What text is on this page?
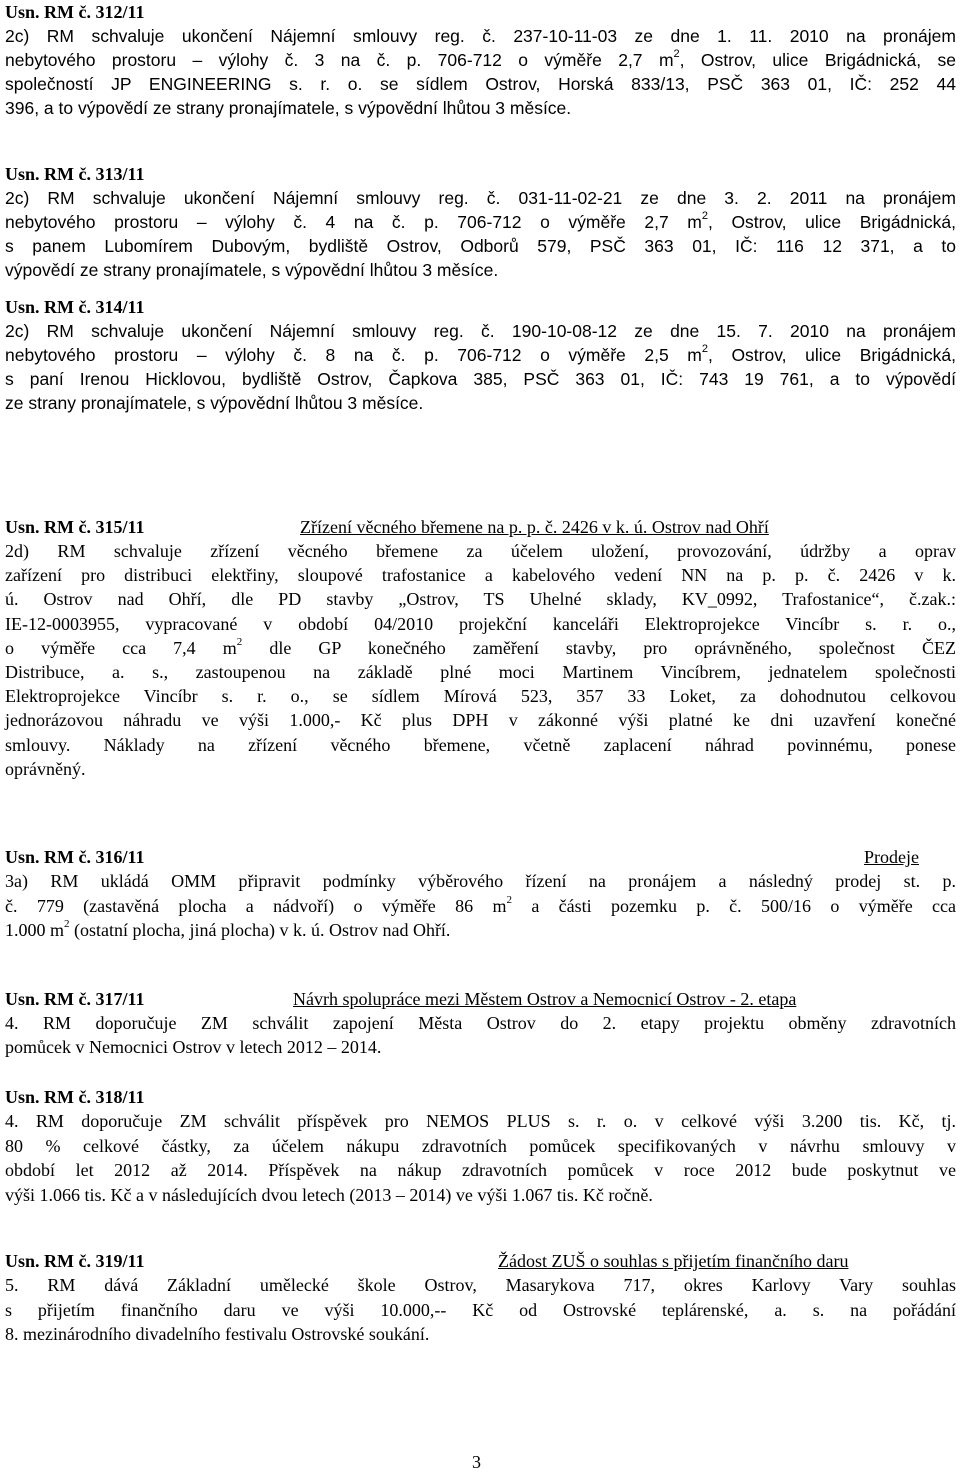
Usn. RM č. 312/11
2c) RM schvaluje ukončení Nájemní smlouvy reg. č. 237-10-11-03 ze dne 1. 11. 2010 na pronájem
nebytového prostoru – výlohy č. 3 na č. p. 706-712 o výměře 2,7 $m^2$, Ostrov, ulice Brigádnická, se
společností JP ENGINEERING s. r. o. se sídlem Ostrov, Horská 833/13, PSČ 363 01, IČ: 252 44
396, a to výpovědí ze strany pronajímatele, s výpovědní lhůtou 3 měsíce.
Usn. RM č. 313/11
2c) RM schvaluje ukončení Nájemní smlouvy reg. č. 031-11-02-21 ze dne 3. 2. 2011 na pronájem
nebytového prostoru – výlohy č. 4 na č. p. 706-712 o výměře 2,7 $m^2$, Ostrov, ulice Brigádnická,
s panem Lubomírem Dubovým, bydliště Ostrov, Odborů 579, PSČ 363 01, IČ: 116 12 371, a to
výpovědí ze strany pronajímatele, s výpovědní lhůtou 3 měsíce.
Usn. RM č. 314/11
2c) RM schvaluje ukončení Nájemní smlouvy reg. č. 190-10-08-12 ze dne 15. 7. 2010 na pronájem
nebytového prostoru – výlohy č. 8 na č. p. 706-712 o výměře 2,5 $m^2$, Ostrov, ulice Brigádnická,
s paní Irenou Hicklovou, bydliště Ostrov, Čapkova 385, PSČ 363 01, IČ: 743 19 761, a to výpovědí
ze strany pronajímatele, s výpovědní lhůtou 3 měsíce.
Usn. RM č. 315/11	Zřízení věcného břemene na p. p. č. 2426 v k. ú. Ostrov nad Ohří
2d) RM schvaluje zřízení věcného břemene za účelem uložení, provozování, údržby a oprav
zařízení pro distribuci elektřiny, sloupové trafostanice a kabelového vedení NN na p. p. č. 2426 v k.
ú. Ostrov nad Ohří, dle PD stavby „Ostrov, TS Uhelné sklady, KV_0992, Trafostanice“, č.zak.:
IE-12-0003955, vypracované v období 04/2010 projekční kanceláři Elektroprojekce Vincíbr s. r. o.,
o výměře cca 7,4 $m^2$ dle GP konečného zaměření stavby, pro oprávněného, společnost ČEZ
Distribuce, a. s., zastoupenou na základě plné moci Martinem Vincíbrem, jednatelem společnosti
Elektroprojekce Vincíbr s. r. o., se sídlem Mírová 523, 357 33 Loket, za dohodnutou celkovou
jednorázovou náhradu ve výši 1.000,- Kč plus DPH v zákonné výši platné ke dni uzavření konečné
smlouvy. Náklady na zřízení věcného břemene, včetně zaplacení náhrad povinnému, ponese
oprávněný.
Usn. RM č. 316/11	Prodeje
3a) RM ukládá OMM připravit podmínky výběrového řízení na pronájem a následný prodej st. p.
č. 779 (zastavěná plocha a nádvoří) o výměře 86 $m^2$ a části pozemku p. č. 500/16 o výměře cca
1.000 $m^2$ (ostatní plocha, jiná plocha) v k. ú. Ostrov nad Ohří.
Usn. RM č. 317/11	Návrh spolupráce mezi Městem Ostrov a Nemocnicí Ostrov - 2. etapa
4. RM doporučuje ZM schválit zapojení Města Ostrov do 2. etapy projektu obměny zdravotních
pomůcek v Nemocnici Ostrov v letech 2012 – 2014.
Usn. RM č. 318/11
4. RM doporučuje ZM schválit příspěvek pro NEMOS PLUS s. r. o. v celkové výši 3.200 tis. Kč, tj.
80 % celkové částky, za účelem nákupu zdravotních pomůcek specifikovaných v návrhu smlouvy v
období let 2012 až 2014. Příspěvek na nákup zdravotních pomůcek v roce 2012 bude poskytnut ve
výši 1.066 tis. Kč a v následujících dvou letech (2013 – 2014) ve výši 1.067 tis. Kč ročně.
Usn. RM č. 319/11	Žádost ZUŠ o souhlas s přijetím finančního daru
5. RM dává Základní umělecké škole Ostrov, Masarykova 717, okres Karlovy Vary souhlas
s přijetím finančního daru ve výši 10.000,-- Kč od Ostrovské teplárenské, a. s. na pořádání
8. mezinárodního divadelního festivalu Ostrovské soukání.
3
